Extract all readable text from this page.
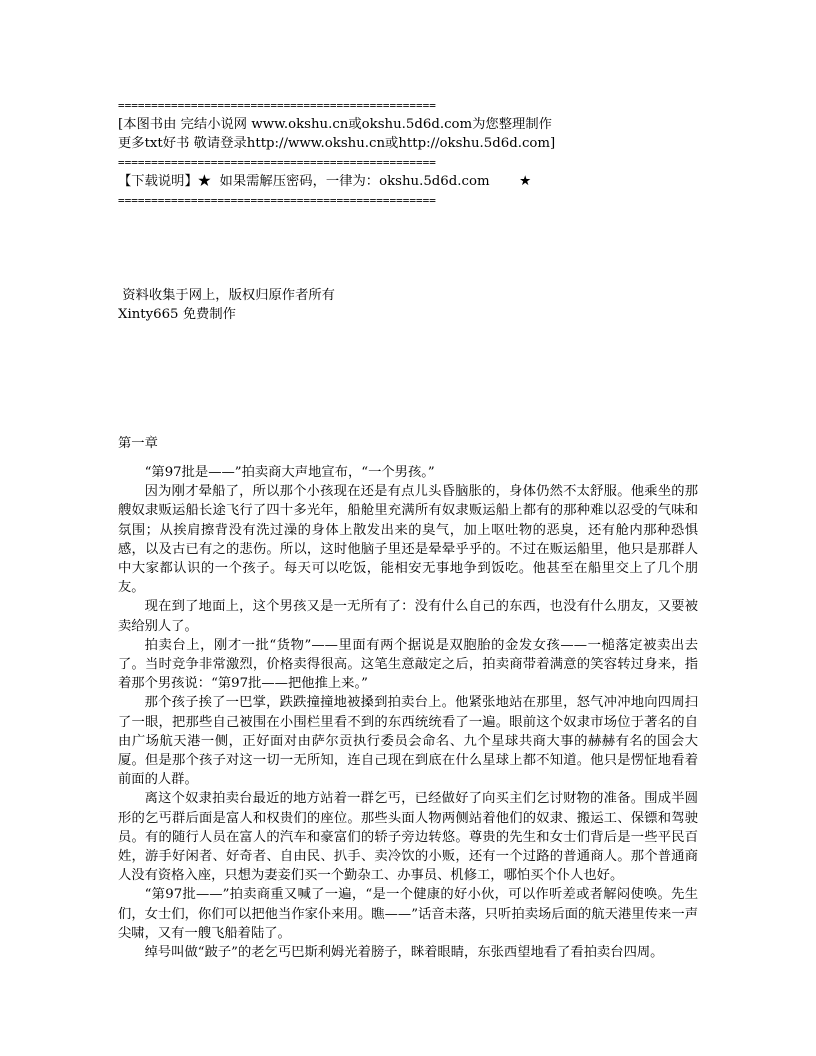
================================================
[本图书由 完结小说网 www.okshu.cn或okshu.5d6d.com为您整理制作
更多txt好书 敬请登录http://www.okshu.cn或http://okshu.5d6d.com]
================================================
【下载说明】★  如果需解压密码，一律为：okshu.5d6d.com       ★
================================================
资料收集于网上，版权归原作者所有
Xinty665 免费制作
第一章

“第97批是——”拍卖商大声地宣布，“一个男孩。”

因为刚才晕船了，所以那个小孩现在还是有点儿头昏脑胀的，身体仍然不太舒服。他乘坐的那艘奴隶贩运船长途飞行了四十多光年，船舱里充满所有奴隶贩运船上都有的那种难以忍受的气味和氛围；从挨肩擦背没有洗过澡的身体上散发出来的臭气，加上呕吐物的恶臭，还有舱内那种恐惧感，以及古已有之的悲伤。所以，这时他脑子里还是晕晕乎乎的。不过在贩运船里，他只是那群人中大家都认识的一个孩子。每天可以吃饭，能相安无事地争到饭吃。他甚至在船里交上了几个朋友。

现在到了地面上，这个男孩又是一无所有了：没有什么自己的东西，也没有什么朋友，又要被卖给别人了。

拍卖台上，刚才一批“货物”——里面有两个据说是双胞胎的金发女孩——一槌落定被卖出去了。当时竞争非常激烈，价格卖得很高。这笔生意敲定之后，拍卖商带着满意的笑容转过身来，指着那个男孩说：“第97批——把他推上来。”

那个孩子挨了一巴掌，跌跌撞撞地被搡到拍卖台上。他紧张地站在那里，怒气冲冲地向四周扫了一眼，把那些自己被围在小围栏里看不到的东西统统看了一遍。眼前这个奴隶市场位于著名的自由广场航天港一侧，正好面对由萨尔贡执行委员会命名、九个星球共商大事的赫赫有名的国会大厦。但是那个孩子对这一切一无所知，连自己现在到底在什么星球上都不知道。他只是愣怔地看着前面的人群。

离这个奴隶拍卖台最近的地方站着一群乞丐，已经做好了向买主们乞讨财物的准备。围成半圆形的乞丐群后面是富人和权贵们的座位。那些头面人物两侧站着他们的奴隶、搬运工、保镖和驾驶员。有的随行人员在富人的汽车和豪富们的轿子旁边转悠。尊贵的先生和女士们背后是一些平民百姓，游手好闲者、好奇者、自由民、扒手、卖冷饮的小贩，还有一个过路的普通商人。那个普通商人没有资格入座，只想为妻妾们买一个勤杂工、办事员、机修工，哪怕买个仆人也好。

“第97批——”拍卖商重又喊了一遍，“是一个健康的好小伙，可以作听差或者解闷使唤。先生们，女士们，你们可以把他当作家仆来用。瞧——”话音未落，只听拍卖场后面的航天港里传来一声尖啸，又有一艘飞船着陆了。

绰号叫做“跛子”的老乞丐巴斯利姆光着膀子，眯着眼睛，东张西望地看了看拍卖台四周。
